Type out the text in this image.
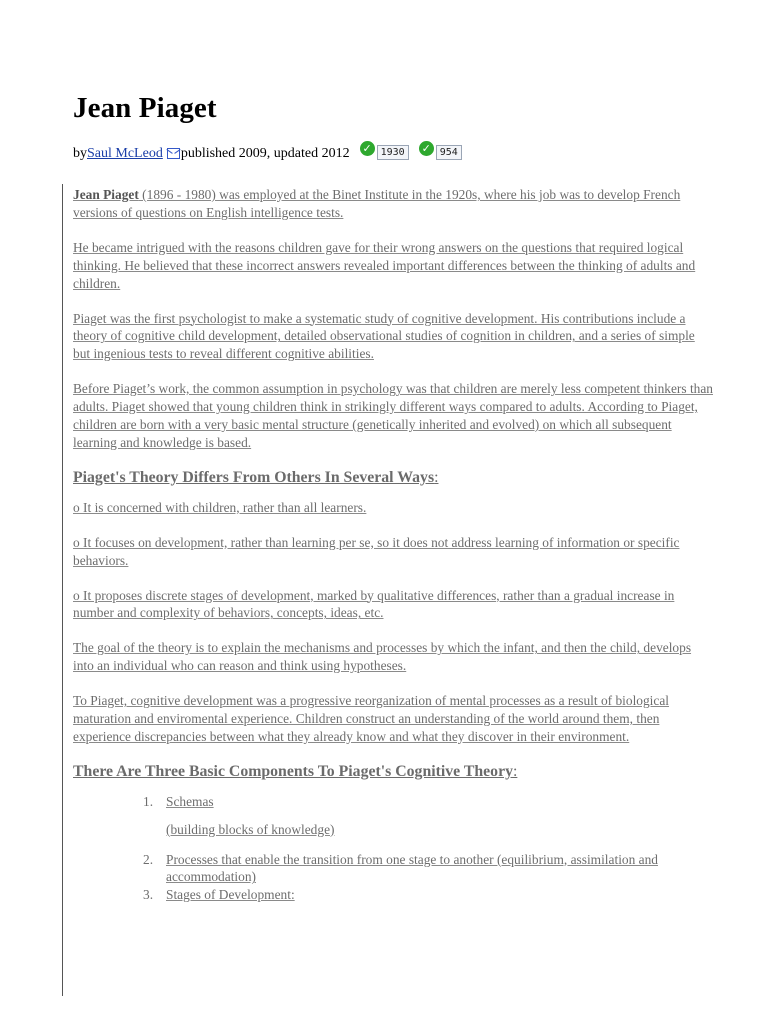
Jean Piaget
by Saul McLeod published 2009, updated 2012 ✓ 1930	✓ 954

Jean Piaget (1896 - 1980) was employed at the Binet Institute in the 1920s, where his job was to develop French versions of questions on English intelligence tests.

He became intrigued with the reasons children gave for their wrong answers on the questions that required logical thinking. He believed that these incorrect answers revealed important differences between the thinking of adults and children.

Piaget was the first psychologist to make a systematic study of cognitive development. His contributions include a theory of cognitive child development, detailed observational studies of cognition in children, and a series of simple but ingenious tests to reveal different cognitive abilities.

Before Piaget’s work, the common assumption in psychology was that children are merely less competent thinkers than adults. Piaget showed that young children think in strikingly different ways compared to adults. According to Piaget, children are born with a very basic mental structure (genetically inherited and evolved) on which all subsequent learning and knowledge is based.

Piaget's Theory Differs From Others In Several Ways:

o It is concerned with children, rather than all learners.

o It focuses on development, rather than learning per se, so it does not address learning of information or specific behaviors.

o It proposes discrete stages of development, marked by qualitative differences, rather than a gradual increase in number and complexity of behaviors, concepts, ideas, etc.

The goal of the theory is to explain the mechanisms and processes by which the infant, and then the child, develops into an individual who can reason and think using hypotheses.

To Piaget, cognitive development was a progressive reorganization of mental processes as a result of biological maturation and enviromental experience. Children construct an understanding of the world around them, then experience discrepancies between what they already know and what they discover in their environment.

There Are Three Basic Components To Piaget's Cognitive Theory:
1. Schemas
(building blocks of knowledge)
2. Processes that enable the transition from one stage to another (equilibrium, assimilation and accommodation)
3. Stages of Development:
